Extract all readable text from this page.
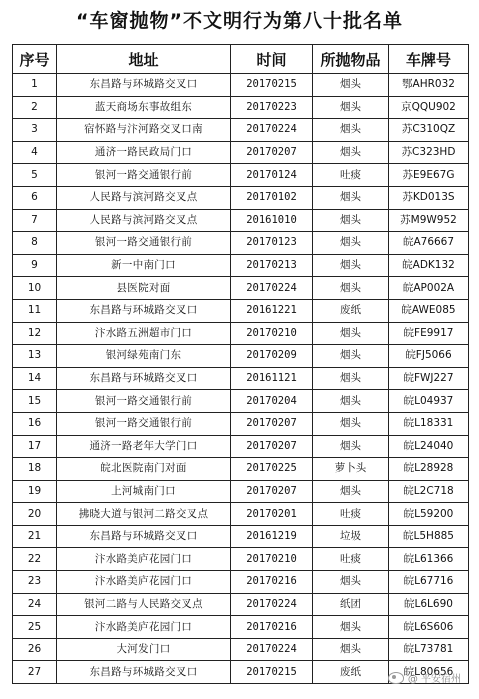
“车窗抛物”不文明行为第八十批名单
序号	地址	时间	所抛物品	车牌号
1	东昌路与环城路交叉口	20170215	烟头	鄂AHR032
2	蓝天商场东事故组东	20170223	烟头	京QQU902
3	宿怀路与汴河路交叉口南	20170224	烟头	苏C310QZ
4	通济一路民政局门口	20170207	烟头	苏C323HD
5	银河一路交通银行前	20170124	吐痰	苏E9E67G
6	人民路与滨河路交叉点	20170102	烟头	苏KD013S
7	人民路与滨河路交叉点	20161010	烟头	苏M9W952
8	银河一路交通银行前	20170123	烟头	皖A76667
9	新一中南门口	20170213	烟头	皖ADK132
10	县医院对面	20170224	烟头	皖AP002A
11	东昌路与环城路交叉口	20161221	废纸	皖AWE085
12	汴水路五洲超市门口	20170210	烟头	皖FE9917
13	银河绿苑南门东	20170209	烟头	皖FJ5066
14	东昌路与环城路交叉口	20161121	烟头	皖FWJ227
15	银河一路交通银行前	20170204	烟头	皖L04937
16	银河一路交通银行前	20170207	烟头	皖L18331
17	通济一路老年大学门口	20170207	烟头	皖L24040
18	皖北医院南门对面	20170225	萝卜头	皖L28928
19	上河城南门口	20170207	烟头	皖L2C718
20	拂晓大道与银河二路交叉点	20170201	吐痰	皖L59200
21	东昌路与环城路交叉口	20161219	垃圾	皖L5H885
22	汴水路美庐花园门口	20170210	吐痰	皖L61366
23	汴水路美庐花园门口	20170216	烟头	皖L67716
24	银河二路与人民路交叉点	20170224	纸团	皖L6L690
25	汴水路美庐花园门口	20170216	烟头	皖L6S606
26	大河发门口	20170224	烟头	皖L73781
27	东昌路与环城路交叉口	20170215	废纸	皖L80656
@ 平安宿州
